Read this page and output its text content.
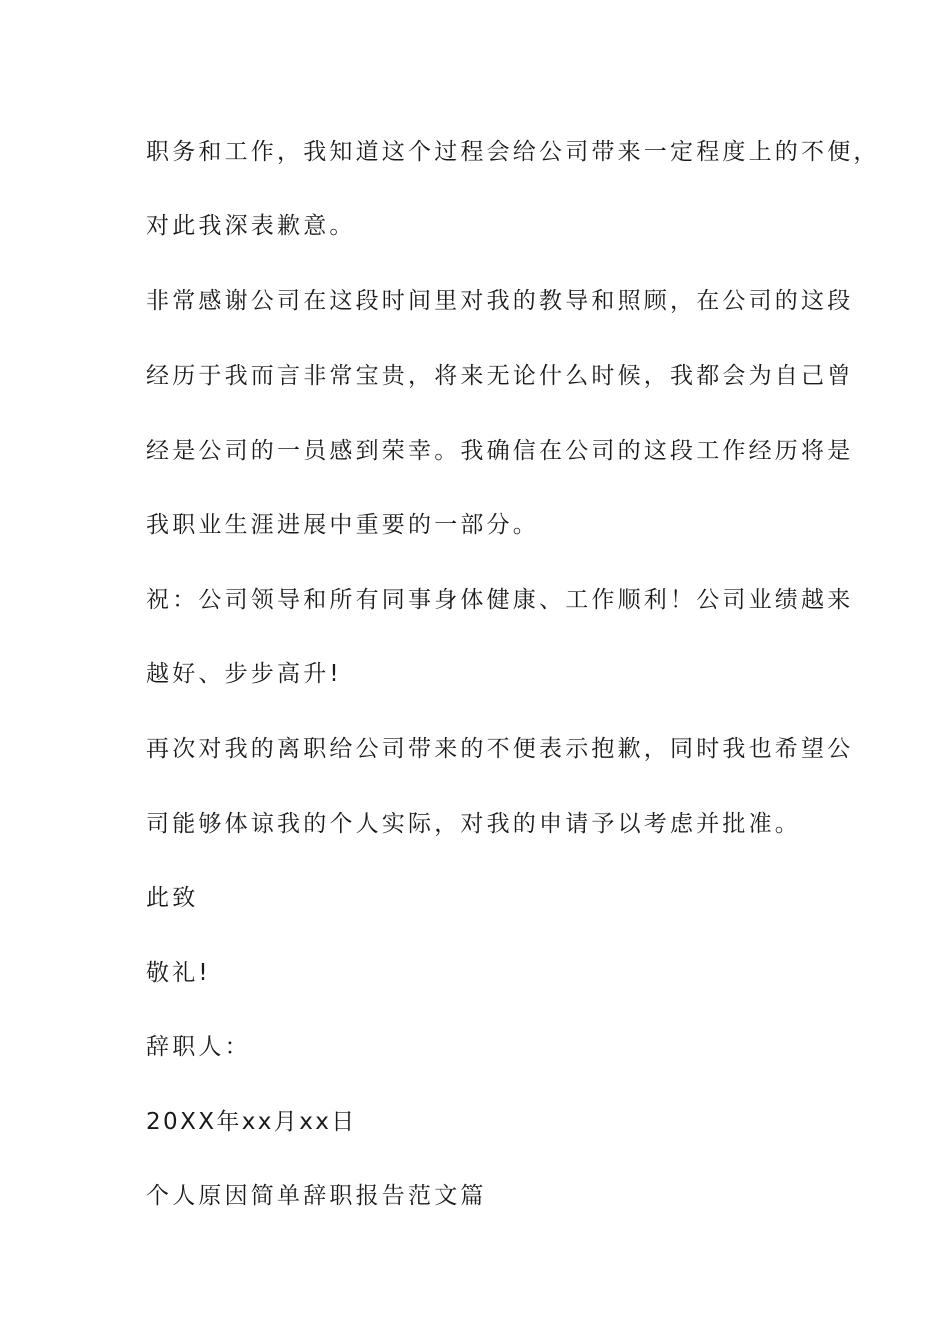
职务和工作，我知道这个过程会给公司带来一定程度上的不便，
对此我深表歉意。
非常感谢公司在这段时间里对我的教导和照顾，在公司的这段
经历于我而言非常宝贵，将来无论什么时候，我都会为自己曾
经是公司的一员感到荣幸。我确信在公司的这段工作经历将是
我职业生涯进展中重要的一部分。
祝：公司领导和所有同事身体健康、工作顺利！公司业绩越来
越好、步步高升!
再次对我的离职给公司带来的不便表示抱歉，同时我也希望公
司能够体谅我的个人实际，对我的申请予以考虑并批准。
此致
敬礼!
辞职人：
20XX年xx月xx日
个人原因简单辞职报告范文篇
